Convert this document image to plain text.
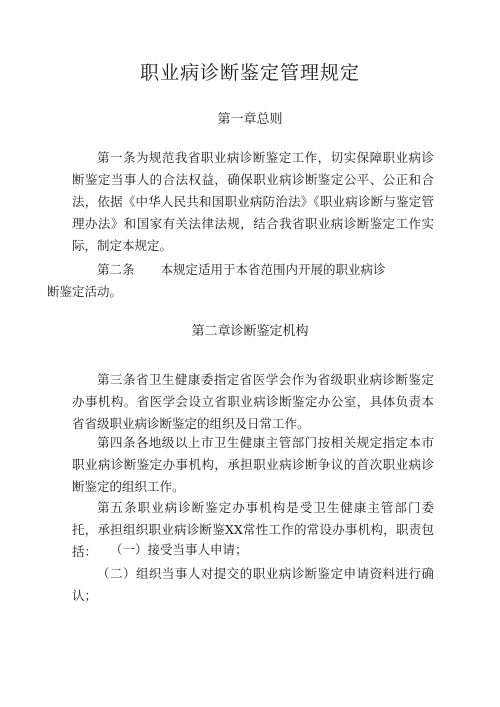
职业病诊断鉴定管理规定

第一章总则

第一条为规范我省职业病诊断鉴定工作，切实保障职业病诊断鉴定当事人的合法权益，确保职业病诊断鉴定公平、公正和合法，依据《中华人民共和国职业病防治法》《职业病诊断与鉴定管理办法》和国家有关法律法规，结合我省职业病诊断鉴定工作实际，制定本规定。

第二条 本规定适用于本省范围内开展的职业病诊
断鉴定活动。

第二章诊断鉴定机构

第三条省卫生健康委指定省医学会作为省级职业病诊断鉴定办事机构。省医学会设立省职业病诊断鉴定办公室，具体负责本省省级职业病诊断鉴定的组织及日常工作。

第四条各地级以上市卫生健康主管部门按相关规定指定本市职业病诊断鉴定办事机构，承担职业病诊断争议的首次职业病诊断鉴定的组织工作。

第五条职业病诊断鉴定办事机构是受卫生健康主管部门委托，承担组织职业病诊断鉴XX常性工作的常设办事机构，职责包括：	（一）接受当事人申请；

（二）组织当事人对提交的职业病诊断鉴定申请资料进行确认；
